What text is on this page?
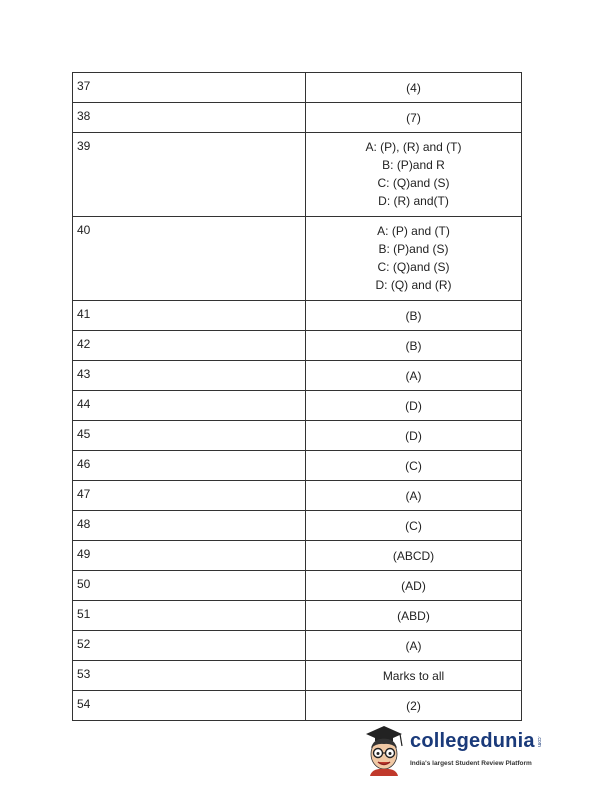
37	(4)

38	(7)

39	A: (P), (R) and (T)
B: (P)and R
C: (Q)and (S)
D: (R) and(T)

40	A: (P) and (T)
B: (P)and (S)
C: (Q)and (S)
D: (Q) and (R)

41	(B)

42	(B)

43	(A)

44	(D)

45	(D)

46	(C)

47	(A)

48	(C)

49	(ABCD)

50	(AD)

51	(ABD)

52	(A)

53	Marks to all

54	(2)
collegedunia .com
India's largest Student Review Platform
